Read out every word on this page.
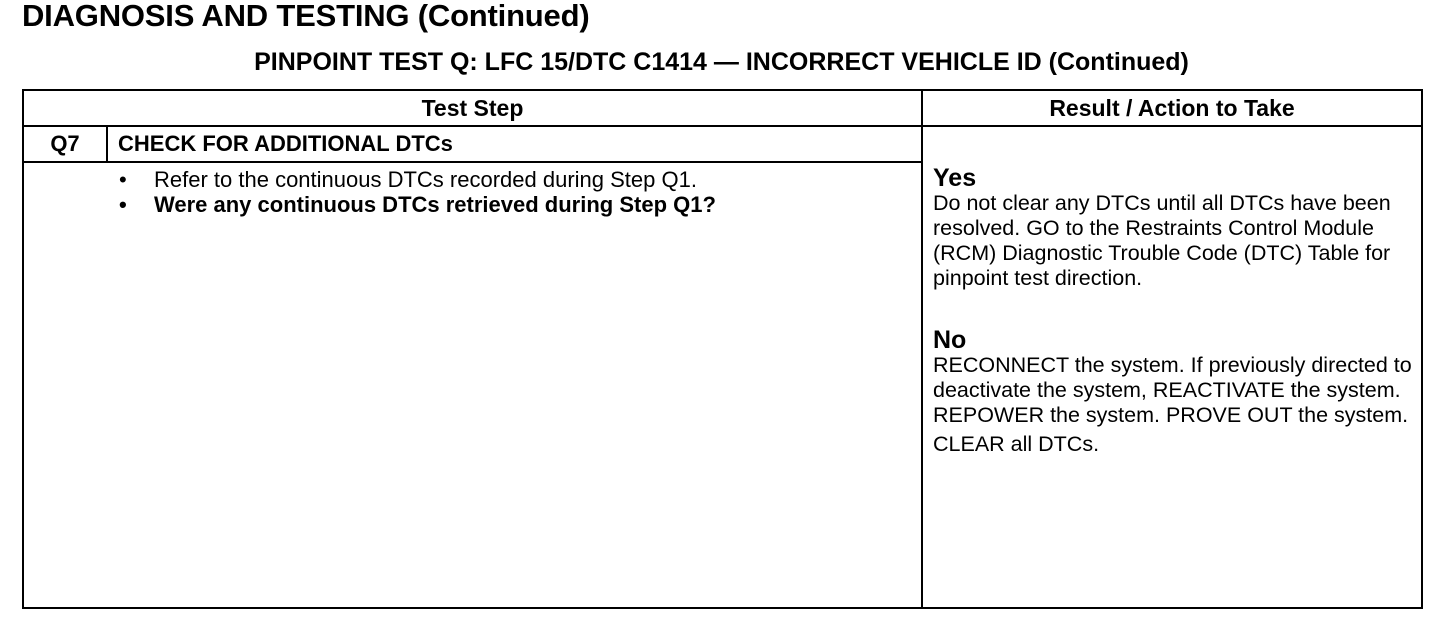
DIAGNOSIS AND TESTING (Continued)
PINPOINT TEST Q: LFC 15/DTC C1414 — INCORRECT VEHICLE ID (Continued)
Test Step	Result / Action to Take
Q7	CHECK FOR ADDITIONAL DTCs
• Refer to the continuous DTCs recorded during Step Q1.
• Were any continuous DTCs retrieved during Step Q1?
Yes

Do not clear any DTCs until all DTCs have been resolved. GO to the Restraints Control Module (RCM) Diagnostic Trouble Code (DTC) Table for pinpoint test direction.

No

RECONNECT the system. If previously directed to deactivate the system, REACTIVATE the system. REPOWER the system. PROVE OUT the system.

CLEAR all DTCs.
